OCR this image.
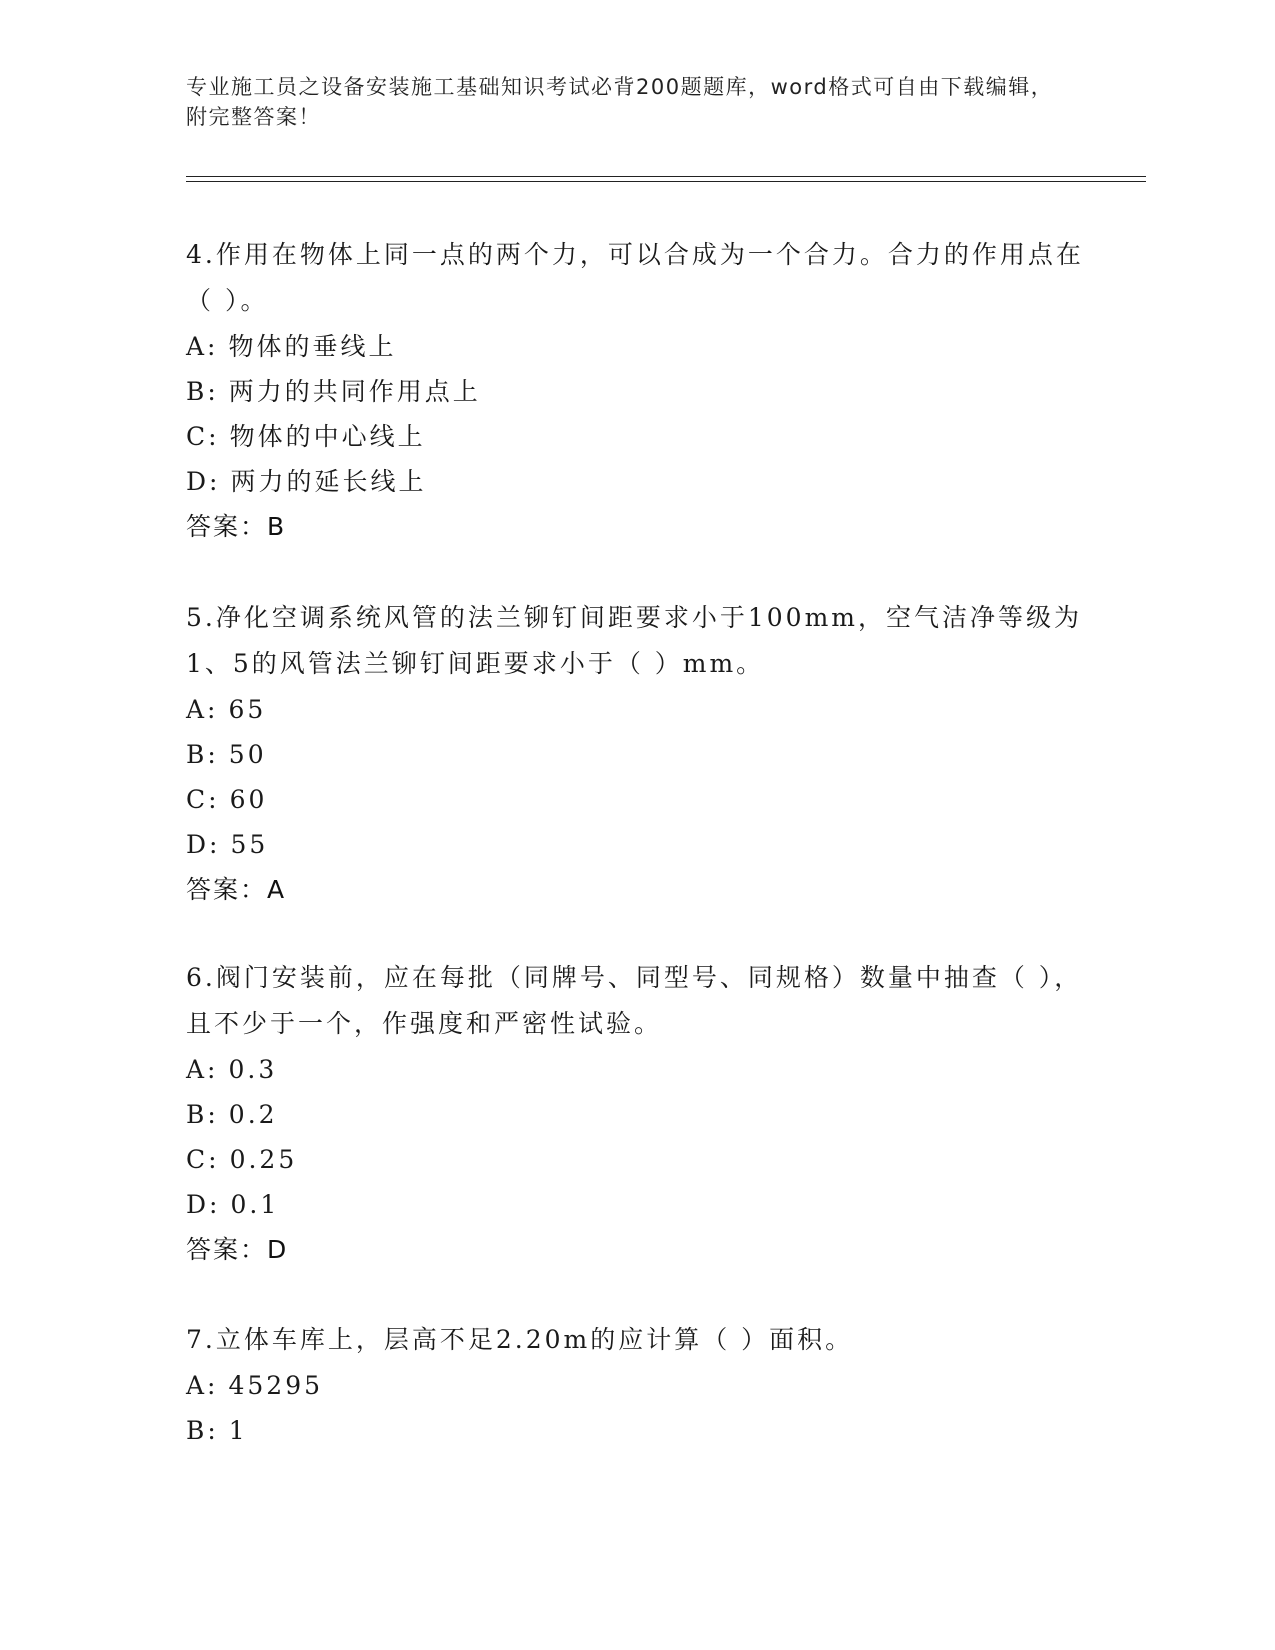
专业施工员之设备安装施工基础知识考试必背200题题库，word格式可自由下载编辑，附完整答案！
4.作用在物体上同一点的两个力，可以合成为一个合力。合力的作用点在（ ）。
A: 物体的垂线上
B: 两力的共同作用点上
C: 物体的中心线上
D: 两力的延长线上
答案：B
5.净化空调系统风管的法兰铆钉间距要求小于100mm，空气洁净等级为1、5的风管法兰铆钉间距要求小于（ ）mm。
A: 65
B: 50
C: 60
D: 55
答案：A
6.阀门安装前，应在每批（同牌号、同型号、同规格）数量中抽查（ ），且不少于一个，作强度和严密性试验。
A: 0.3
B: 0.2
C: 0.25
D: 0.1
答案：D
7.立体车库上，层高不足2.20m的应计算（ ）面积。
A: 45295
B: 1
